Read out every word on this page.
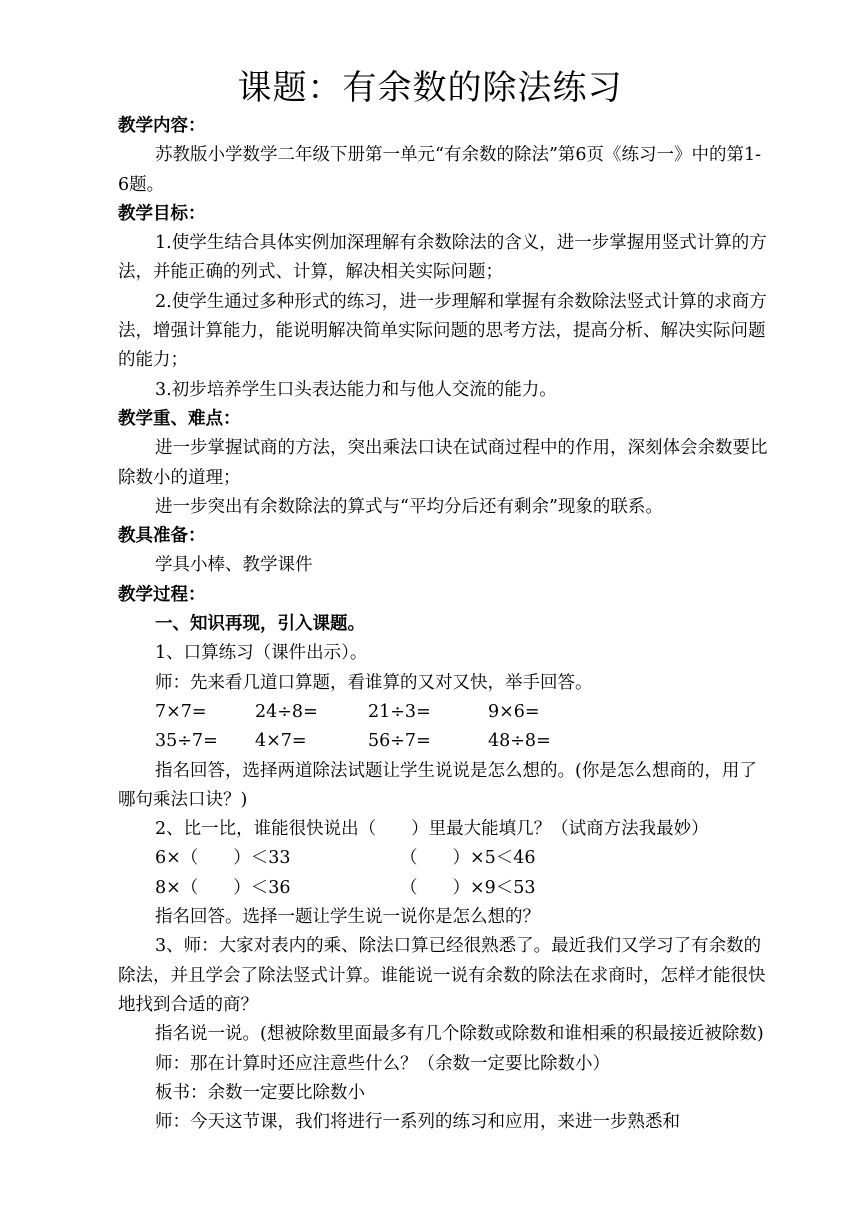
课题：有余数的除法练习

教学内容：

苏教版小学数学二年级下册第一单元“有余数的除法”第6页《练习一》中的第1-6题。

教学目标：

1.使学生结合具体实例加深理解有余数除法的含义，进一步掌握用竖式计算的方法，并能正确的列式、计算，解决相关实际问题；

2.使学生通过多种形式的练习，进一步理解和掌握有余数除法竖式计算的求商方法，增强计算能力，能说明解决简单实际问题的思考方法，提高分析、解决实际问题的能力；

3.初步培养学生口头表达能力和与他人交流的能力。

教学重、难点：

进一步掌握试商的方法，突出乘法口诀在试商过程中的作用，深刻体会余数要比除数小的道理；

进一步突出有余数除法的算式与“平均分后还有剩余”现象的联系。

教具准备：

学具小棒、教学课件

教学过程：

一、知识再现，引入课题。

1、口算练习（课件出示）。

师：先来看几道口算题，看谁算的又对又快，举手回答。

7×7=	24÷8=	21÷3=	9×6=

35÷7= 4×7=	56÷7=	48÷8=

指名回答，选择两道除法试题让学生说说是怎么想的。(你是怎么想商的，用了哪句乘法口诀？)

2、比一比，谁能很快说出（　　）里最大能填几？（试商方法我最妙）

6×（　　）＜33	（　　）×5＜46

8×（　　）＜36	（　　）×9＜53

指名回答。选择一题让学生说一说你是怎么想的？

3、师：大家对表内的乘、除法口算已经很熟悉了。最近我们又学习了有余数的除法，并且学会了除法竖式计算。谁能说一说有余数的除法在求商时，怎样才能很快地找到合适的商？

指名说一说。(想被除数里面最多有几个除数或除数和谁相乘的积最接近被除数)

师：那在计算时还应注意些什么？（余数一定要比除数小）

板书：余数一定要比除数小

师：今天这节课，我们将进行一系列的练习和应用，来进一步熟悉和
